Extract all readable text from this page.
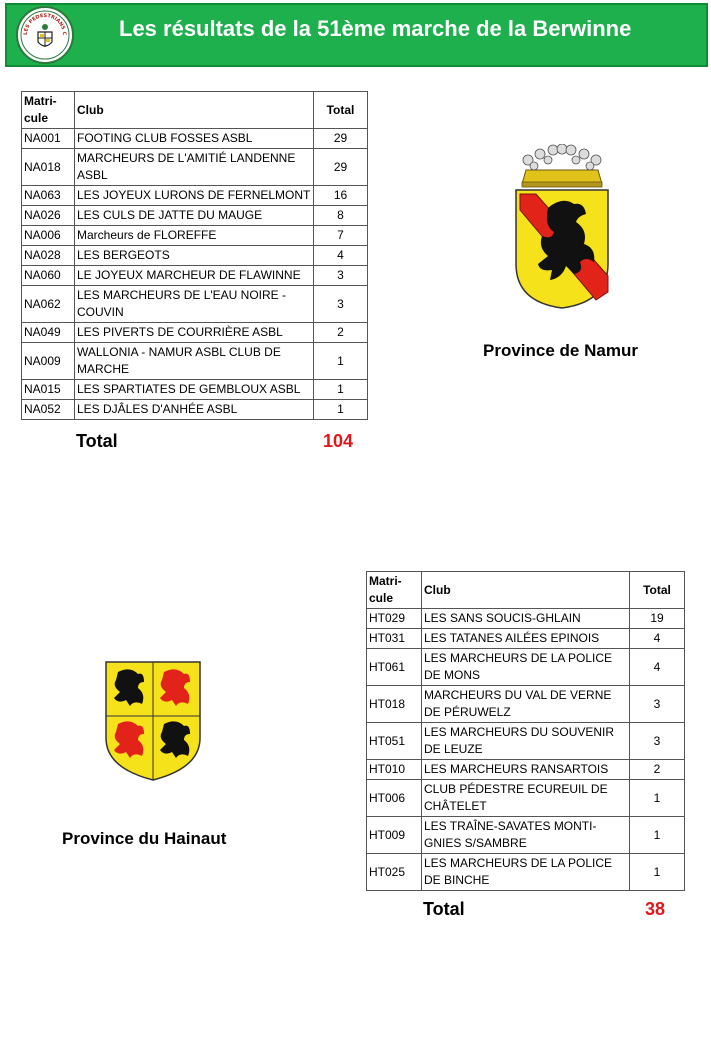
LES PEDESTRIANS C Les résultats de la 51ème marche de la Berwinne
Matri-cule	Club	Total
NA001	FOOTING CLUB FOSSES ASBL	29
NA018	MARCHEURS DE L'AMITIÉ LANDENNE ASBL	29
NA063	LES JOYEUX LURONS DE FERNELMONT	16
NA026	LES CULS DE JATTE DU MAUGE	8
NA006	Marcheurs de FLOREFFE	7
NA028	LES BERGEOTS	4
NA060	LE JOYEUX MARCHEUR DE FLAWINNE	3
NA062	LES MARCHEURS DE L'EAU NOIRE - COUVIN	3
NA049	LES PIVERTS DE COURRIÈRE ASBL	2
NA009	WALLONIA - NAMUR ASBL CLUB DE MARCHE	1
NA015	LES SPARTIATES DE GEMBLOUX ASBL	1
NA052	LES DJÂLES D'ANHÉE ASBL	1
Total	104
Province de Namur
Province du Hainaut
Matri-cule	Club	Total
HT029	LES SANS SOUCIS-GHLAIN	19
HT031	LES TATANES AILÉES EPINOIS	4
HT061	LES MARCHEURS DE LA POLICE DE MONS	4
HT018	MARCHEURS DU VAL DE VERNE DE PÉRUWELZ	3
HT051	LES MARCHEURS DU SOUVENIR DE LEUZE	3
HT010	LES MARCHEURS RANSARTOIS	2
HT006	CLUB PÉDESTRE ECUREUIL DE CHÂTELET	1
HT009	LES TRAÎNE-SAVATES MONTI-GNIES S/SAMBRE	1
HT025	LES MARCHEURS DE LA POLICE DE BINCHE	1
Total	38
